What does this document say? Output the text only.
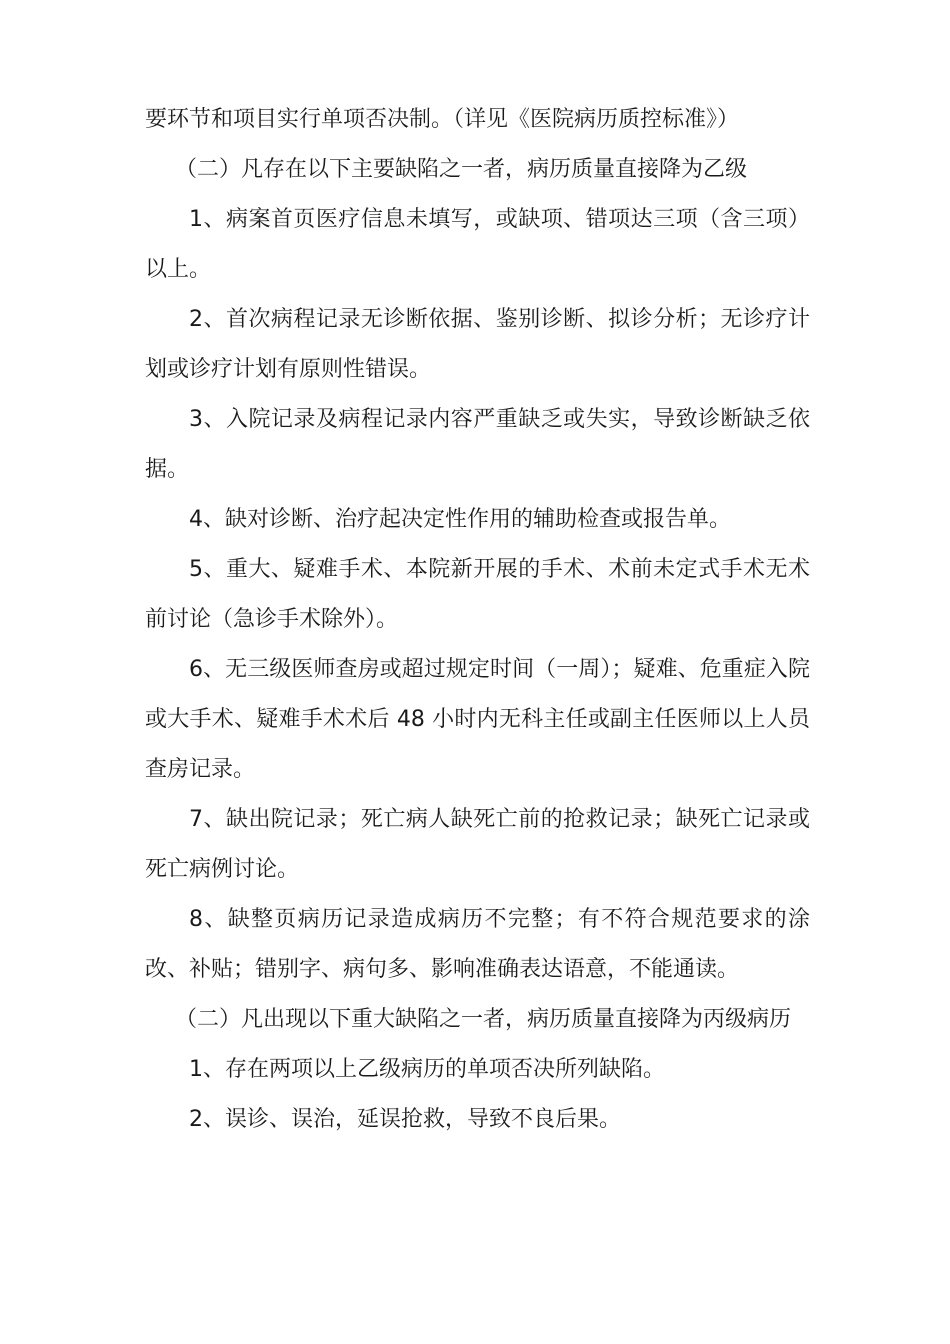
要环节和项目实行单项否决制。（详见《医院病历质控标准》）

（二）凡存在以下主要缺陷之一者，病历质量直接降为乙级

1、病案首页医疗信息未填写，或缺项、错项达三项（含三项）以上。

2、首次病程记录无诊断依据、鉴别诊断、拟诊分析；无诊疗计划或诊疗计划有原则性错误。

3、入院记录及病程记录内容严重缺乏或失实，导致诊断缺乏依据。

4、缺对诊断、治疗起决定性作用的辅助检查或报告单。

5、重大、疑难手术、本院新开展的手术、术前未定式手术无术前讨论（急诊手术除外）。

6、无三级医师查房或超过规定时间（一周）；疑难、危重症入院或大手术、疑难手术术后 48 小时内无科主任或副主任医师以上人员查房记录。

7、缺出院记录；死亡病人缺死亡前的抢救记录；缺死亡记录或死亡病例讨论。

8、缺整页病历记录造成病历不完整；有不符合规范要求的涂改、补贴；错别字、病句多、影响准确表达语意，不能通读。

（二）凡出现以下重大缺陷之一者，病历质量直接降为丙级病历

1、存在两项以上乙级病历的单项否决所列缺陷。

2、误诊、误治，延误抢救，导致不良后果。
